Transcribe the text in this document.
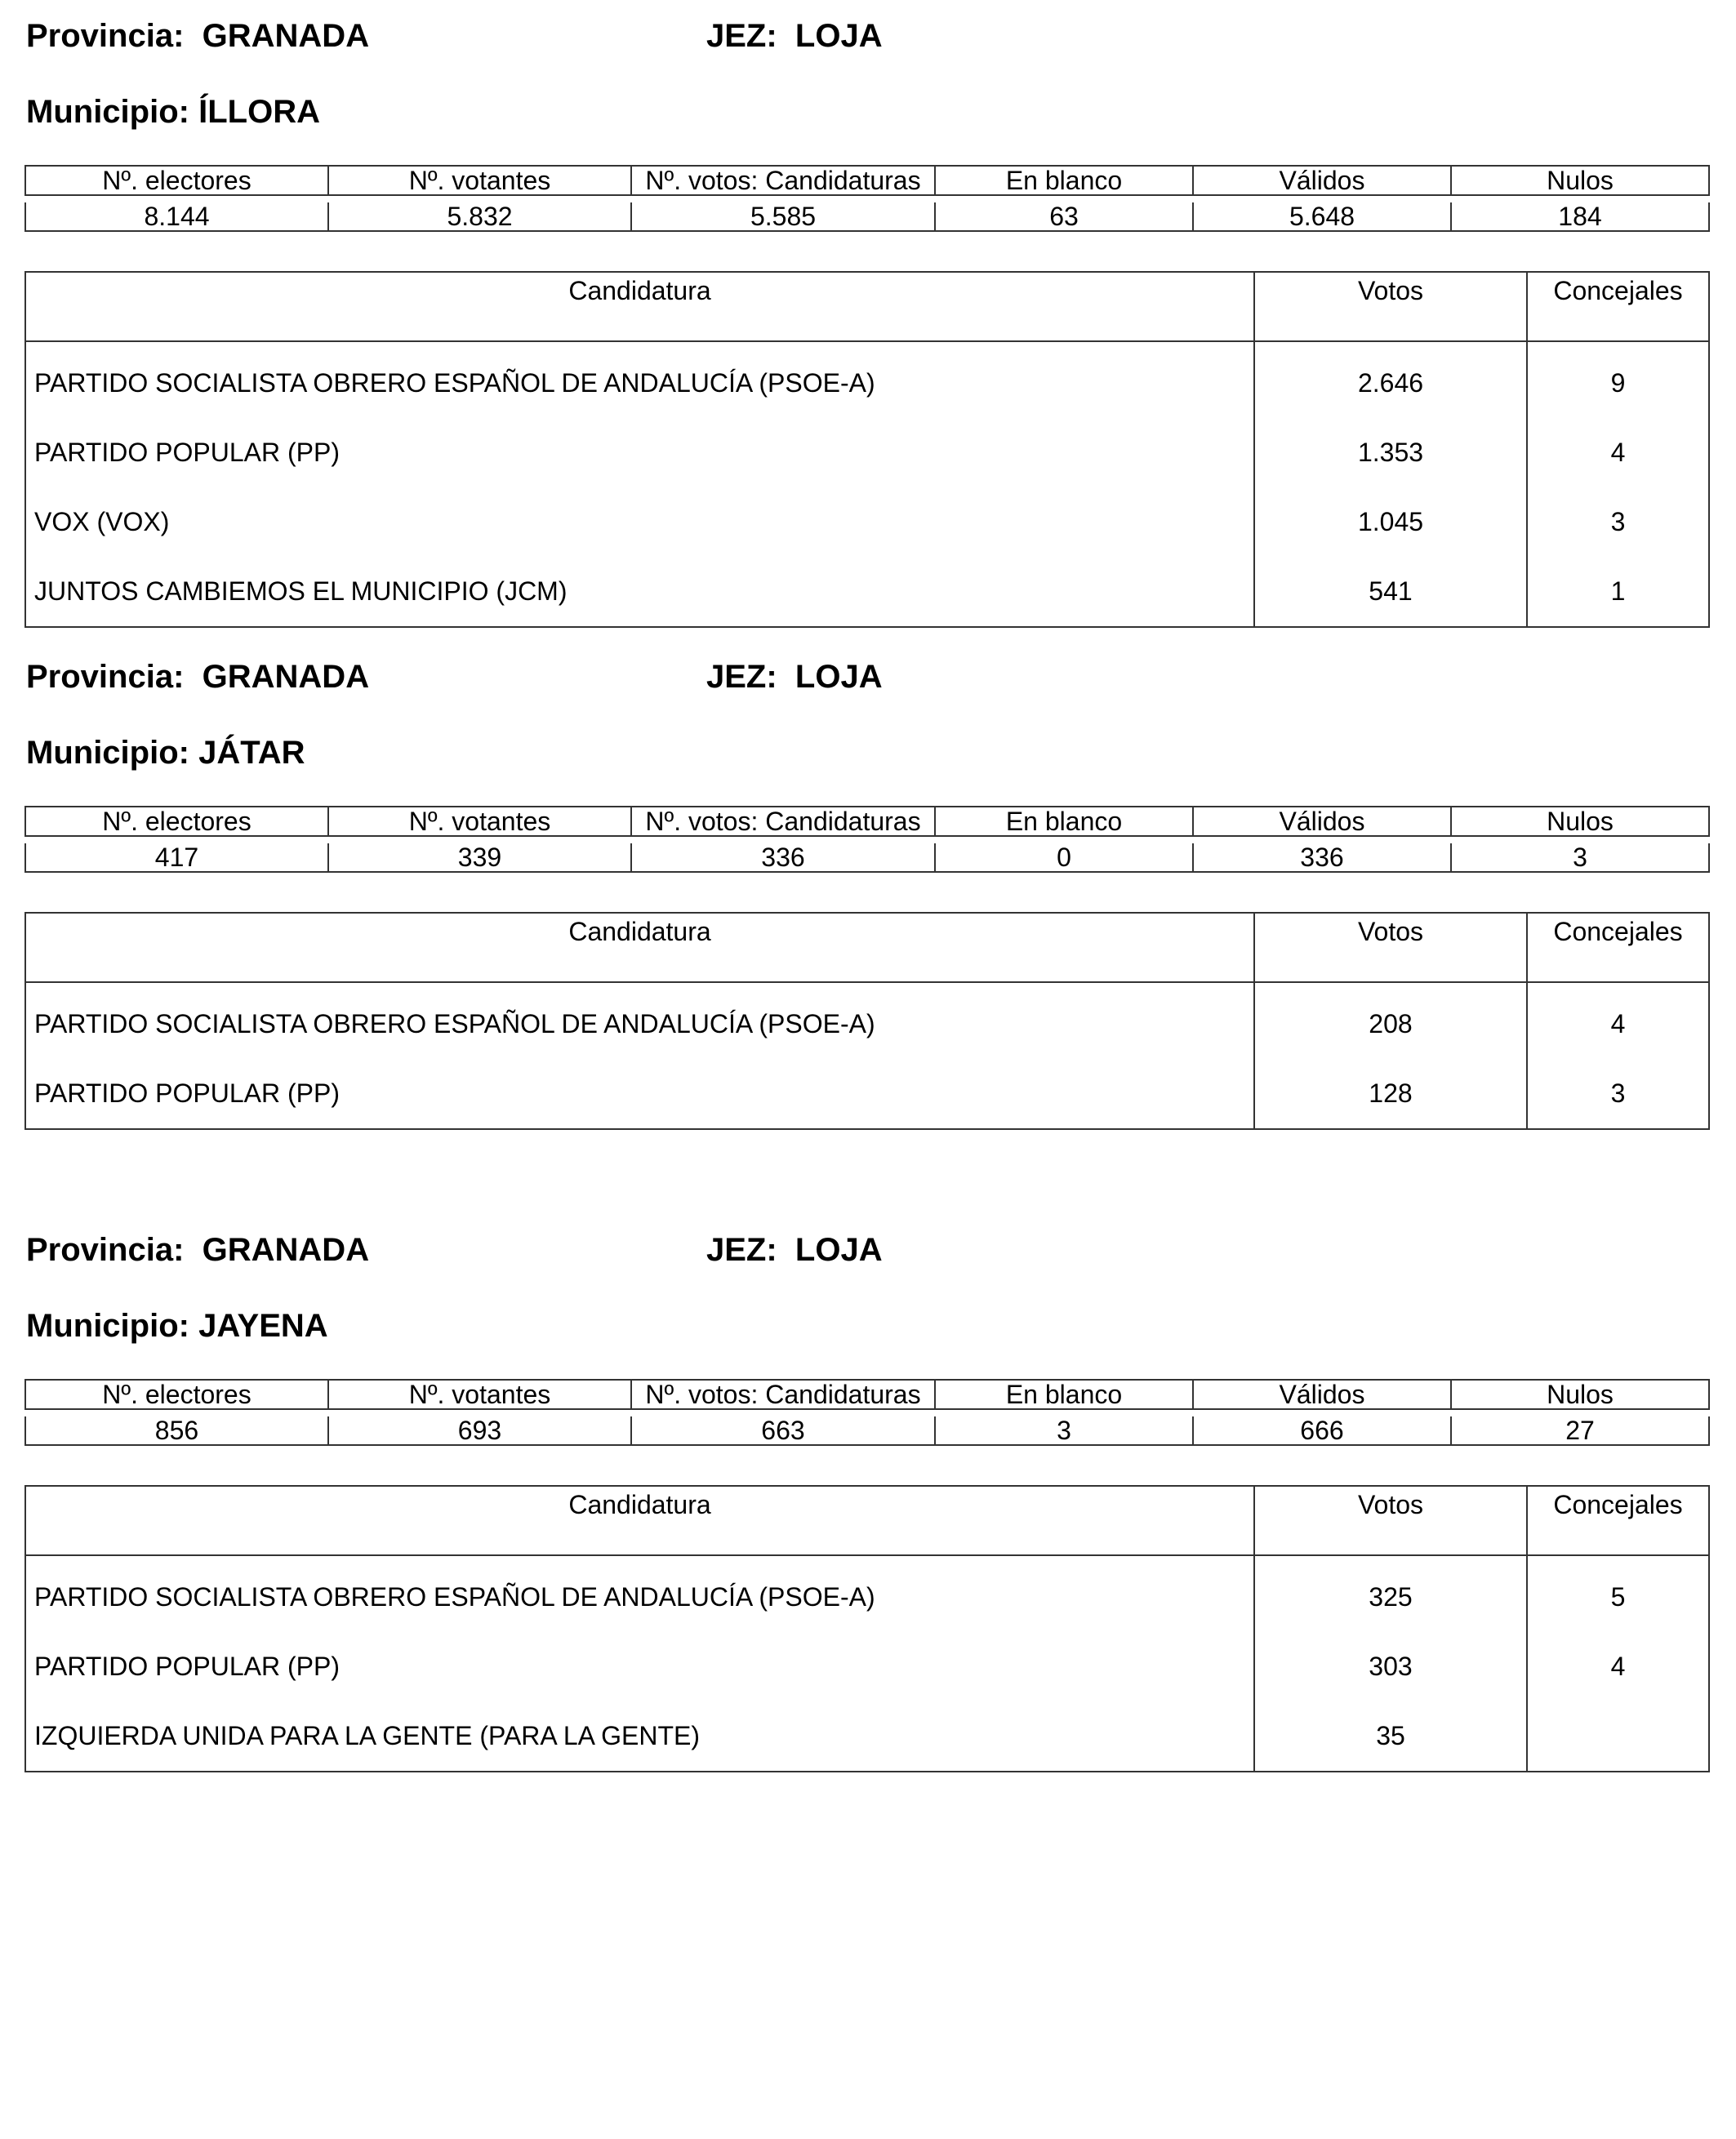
Provincia: GRANADA	JEZ: LOJA
Municipio: ÍLLORA
Nº. electores	Nº. votantes	Nº. votos: Candidaturas	En blanco	Válidos	Nulos

8.144	5.832	5.585	63	5.648	184
Candidatura	Votos	Concejales
PARTIDO SOCIALISTA OBRERO ESPAÑOL DE ANDALUCÍA (PSOE-A)	2.646	9
PARTIDO POPULAR (PP)	1.353	4
VOX (VOX)	1.045	3
JUNTOS CAMBIEMOS EL MUNICIPIO (JCM)	541	1
Provincia: GRANADA	JEZ: LOJA
Municipio: JÁTAR
Nº. electores	Nº. votantes	Nº. votos: Candidaturas	En blanco	Válidos	Nulos

417	339	336	0	336	3
Candidatura	Votos	Concejales
PARTIDO SOCIALISTA OBRERO ESPAÑOL DE ANDALUCÍA (PSOE-A)	208	4
PARTIDO POPULAR (PP)	128	3
Provincia: GRANADA	JEZ: LOJA
Municipio: JAYENA
Nº. electores	Nº. votantes	Nº. votos: Candidaturas	En blanco	Válidos	Nulos

856	693	663	3	666	27
Candidatura	Votos	Concejales
PARTIDO SOCIALISTA OBRERO ESPAÑOL DE ANDALUCÍA (PSOE-A)	325	5
PARTIDO POPULAR (PP)	303	4
IZQUIERDA UNIDA PARA LA GENTE (PARA LA GENTE)	35	
